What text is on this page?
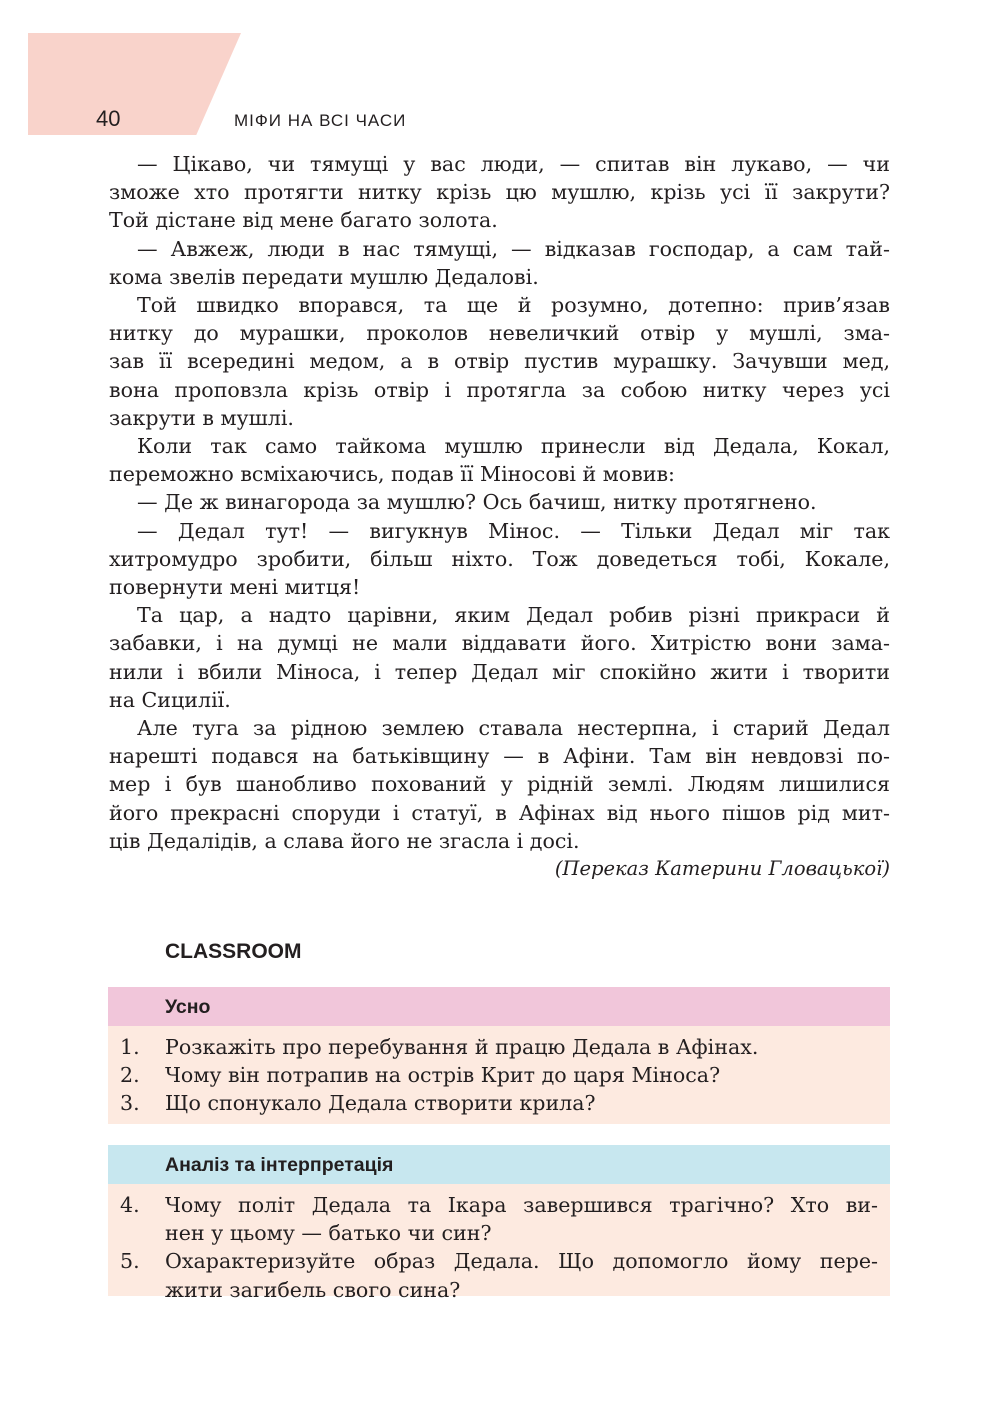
40	МІФИ НА ВСІ ЧАСИ
— Цікаво, чи тямущі у вас люди, — спитав він лукаво, — чи
зможе хто протягти нитку крізь цю мушлю, крізь усі її закрути?
Той дістане від мене багато золота.
— Авжеж, люди в нас тямущі, — відказав господар, а сам тай-
кома звелів передати мушлю Дедалові.
Той швидко впорався, та ще й розумно, дотепно: прив’язав
нитку до мурашки, проколов невеличкий отвір у мушлі, зма-
зав її всередині медом, а в отвір пустив мурашку. Зачувши мед,
вона проповзла крізь отвір і протягла за собою нитку через усі
закрути в мушлі.
Коли так само тайкома мушлю принесли від Дедала, Кокал,
переможно всміхаючись, подав її Міносові й мовив:
— Де ж винагорода за мушлю? Ось бачиш, нитку протягнено.
— Дедал тут! — вигукнув Мінос. — Тільки Дедал міг так
хитромудро зробити, більш ніхто. Тож доведеться тобі, Кокале,
повернути мені митця!
Та цар, а надто царівни, яким Дедал робив різні прикраси й
забавки, і на думці не мали віддавати його. Хитрістю вони зама-
нили і вбили Міноса, і тепер Дедал міг спокійно жити і творити
на Сицилії.
Але туга за рідною землею ставала нестерпна, і старий Дедал
нарешті подався на батьківщину — в Афіни. Там він невдовзі по-
мер і був шанобливо похований у рідній землі. Людям лишилися
його прекрасні споруди і статуї, в Афінах від нього пішов рід мит-
ців Дедалідів, а слава його не згасла і досі.
(Переказ Катерини Гловацької)
CLASSROOM
Усно
1. Розкажіть про перебування й працю Дедала в Афінах.
2. Чому він потрапив на острів Крит до царя Міноса?
3. Що спонукало Дедала створити крила?
Аналіз та інтерпретація
4. Чому політ Дедала та Ікара завершився трагічно? Хто ви-
нен у цьому — батько чи син?
5. Охарактеризуйте образ Дедала. Що допомогло йому пере-
жити загибель свого сина?
